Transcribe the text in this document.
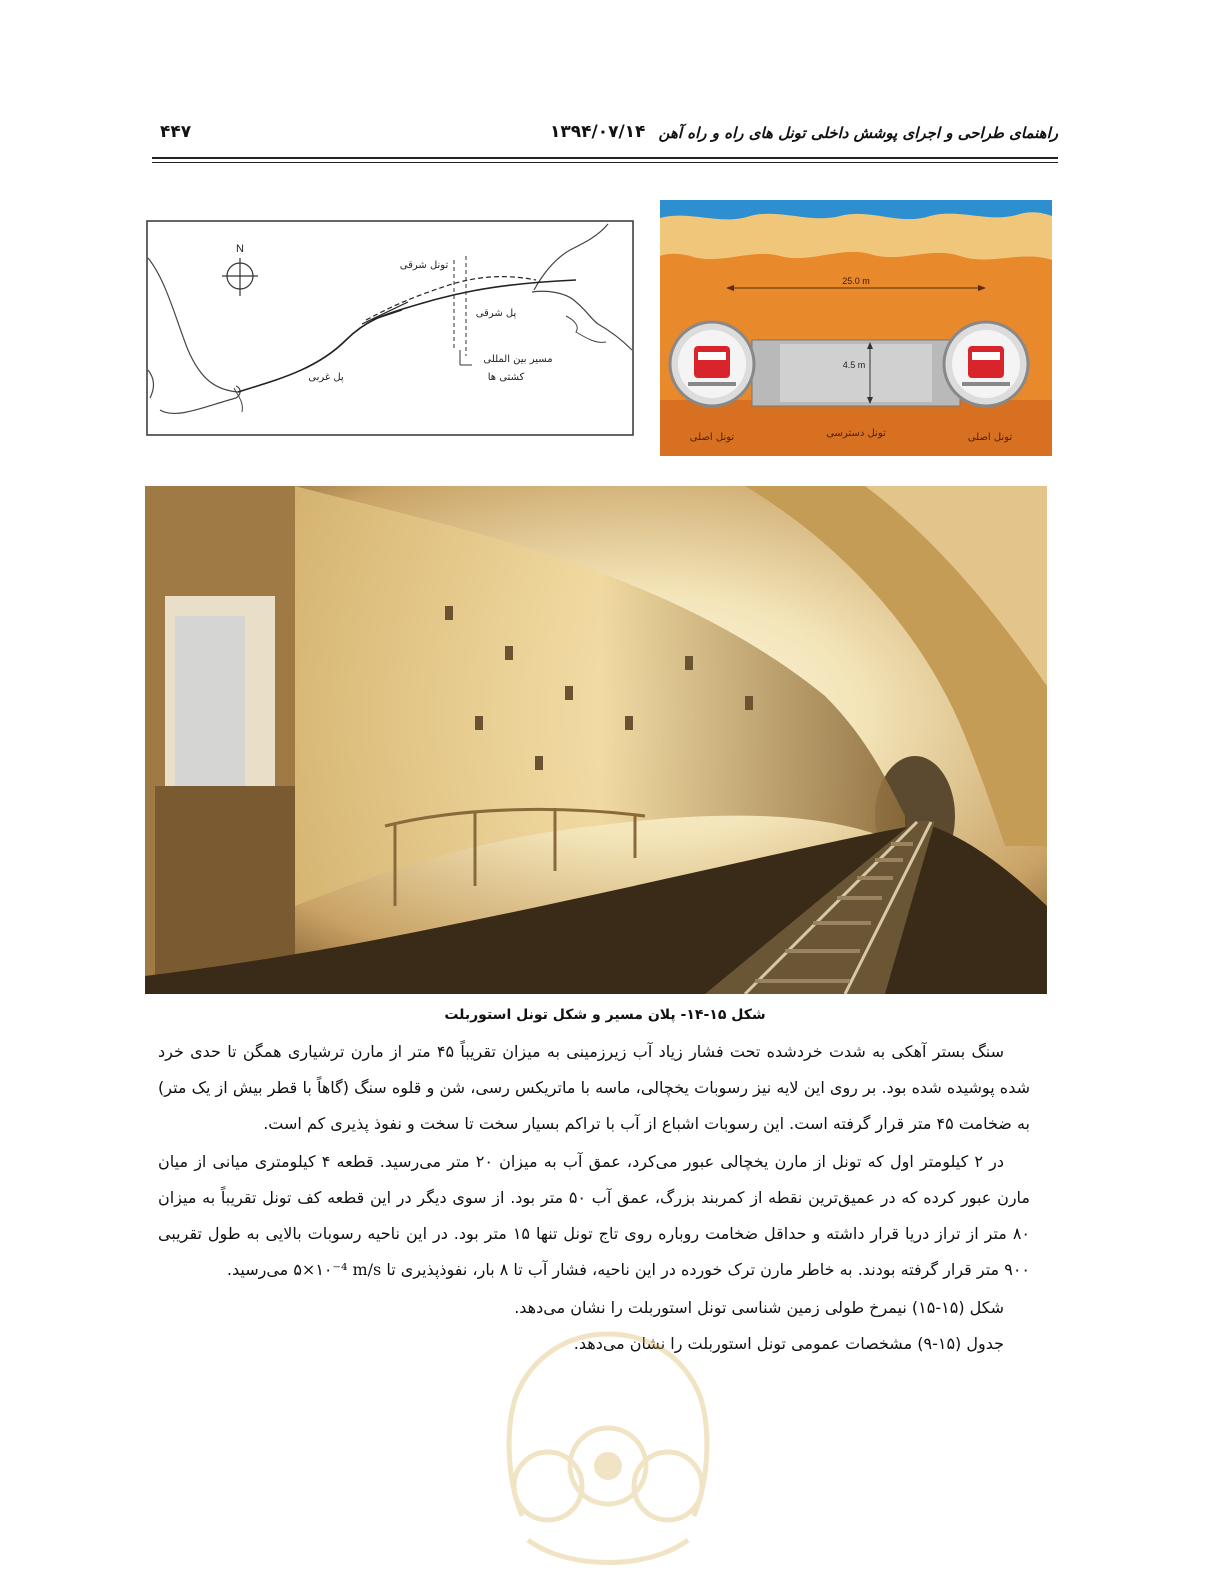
راهنمای طراحی و اجرای پوشش داخلی تونل های راه و راه آهن
۱۳۹۴/۰۷/۱۴
۴۴۷
N
تونل شرقی
پل شرقی
پل غربی
مسیر بین المللی
کشتی ها
25.0 m
4.5 m
تونل اصلی	تونل دسترسی	تونل اصلی
شکل ۱۵-۱۴- پلان مسیر و شکل تونل استوربلت

سنگ بستر آهکی به شدت خردشده تحت فشار زیاد آب زیرزمینی به میزان تقریباً ۴۵ متر از مارن ترشیاری همگن تا حدی خرد شده پوشیده شده بود. بر روی این لایه نیز رسوبات یخچالی، ماسه با ماتریکس رسی، شن و قلوه سنگ (گاهاً با قطر بیش از یک متر) به ضخامت ۴۵ متر قرار گرفته است. این رسوبات اشباع از آب با تراکم بسیار سخت تا سخت و نفوذ پذیری کم است.

در ۲ کیلومتر اول که تونل از مارن یخچالی عبور می‌کرد، عمق آب به میزان ۲۰ متر می‌رسید. قطعه ۴ کیلومتری میانی از میان مارن عبور کرده که در عمیق‌ترین نقطه از کمربند بزرگ، عمق آب ۵۰ متر بود. از سوی دیگر در این قطعه کف تونل تقریباً به میزان ۸۰ متر از تراز دریا قرار داشته و حداقل ضخامت روباره روی تاج تونل تنها ۱۵ متر بود. در این ناحیه رسوبات بالایی به طول تقریبی ۹۰۰ متر قرار گرفته بودند. به خاطر مارن ترک خورده در این ناحیه، فشار آب تا ۸ بار، نفوذپذیری تا ۵×۱۰⁻⁴ m/s می‌رسید.

شکل (۱۵-۱۵) نیمرخ طولی زمین شناسی تونل استوربلت را نشان می‌دهد.

جدول (۱۵-۹) مشخصات عمومی تونل استوربلت را نشان می‌دهد.
